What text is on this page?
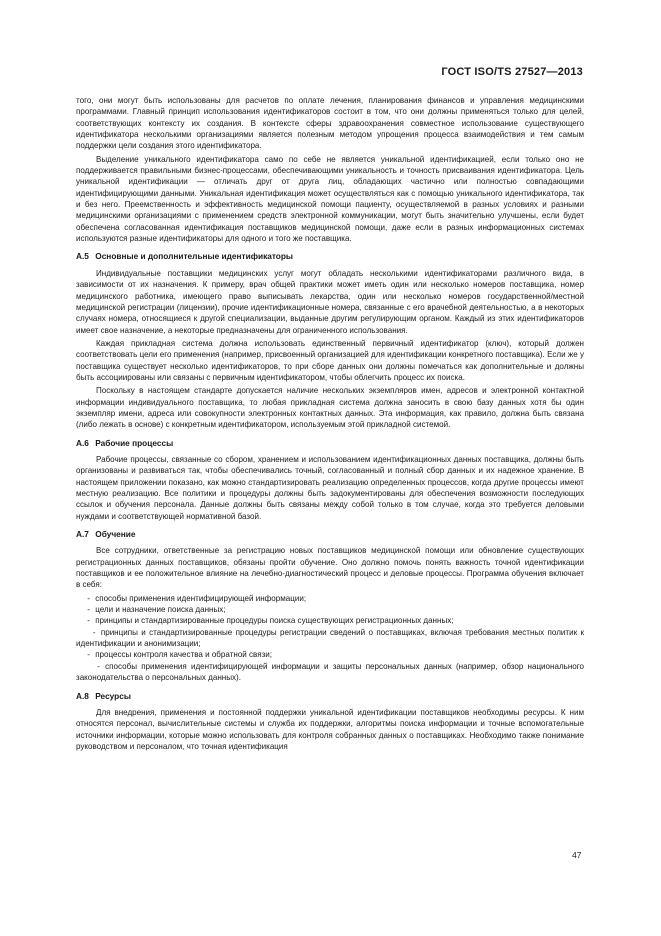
ГОСТ ISO/TS 27527—2013

того, они могут быть использованы для расчетов по оплате лечения, планирования финансов и управления медицинскими программами. Главный принцип использования идентификаторов состоит в том, что они должны применяться только для целей, соответствующих контексту их создания. В контексте сферы здравоохранения совместное использование существующего идентификатора несколькими организациями является полезным методом упрощения процесса взаимодействия и тем самым поддержки цели создания этого идентификатора.

Выделение уникального идентификатора само по себе не является уникальной идентификацией, если только оно не поддерживается правильными бизнес-процессами, обеспечивающими уникальность и точность присваивания идентификатора. Цель уникальной идентификации — отличать друг от друга лиц, обладающих частично или полностью совпадающими идентифицирующими данными. Уникальная идентификация может осуществляться как с помощью уникального идентификатора, так и без него. Преемственность и эффективность медицинской помощи пациенту, осуществляемой в разных условиях и разными медицинскими организациями с применением средств электронной коммуникации, могут быть значительно улучшены, если будет обеспечена согласованная идентификация поставщиков медицинской помощи, даже если в разных информационных системах используются разные идентификаторы для одного и того же поставщика.

А.5 Основные и дополнительные идентификаторы

Индивидуальные поставщики медицинских услуг могут обладать несколькими идентификаторами различного вида, в зависимости от их назначения. К примеру, врач общей практики может иметь один или несколько номеров поставщика, номер медицинского работника, имеющего право выписывать лекарства, один или несколько номеров государственной/местной медицинской регистрации (лицензии), прочие идентификационные номера, связанные с его врачебной деятельностью, а в некоторых случаях номера, относящиеся к другой специализации, выданные другим регулирующим органом. Каждый из этих идентификаторов имеет свое назначение, а некоторые предназначены для ограниченного использования.

Каждая прикладная система должна использовать единственный первичный идентификатор (ключ), который должен соответствовать цели его применения (например, присвоенный организацией для идентификации конкретного поставщика). Если же у поставщика существует несколько идентификаторов, то при сборе данных они должны помечаться как дополнительные и должны быть ассоциированы или связаны с первичным идентификатором, чтобы облегчить процесс их поиска.

Поскольку в настоящем стандарте допускается наличие нескольких экземпляров имен, адресов и электронной контактной информации индивидуального поставщика, то любая прикладная система должна заносить в свою базу данных хотя бы один экземпляр имени, адреса или совокупности электронных контактных данных. Эта информация, как правило, должна быть связана (либо лежать в основе) с конкретным идентификатором, используемым этой прикладной системой.

А.6 Рабочие процессы

Рабочие процессы, связанные со сбором, хранением и использованием идентификационных данных поставщика, должны быть организованы и развиваться так, чтобы обеспечивались точный, согласованный и полный сбор данных и их надежное хранение. В настоящем приложении показано, как можно стандартизировать реализацию определенных процессов, когда другие процессы имеют местную реализацию. Все политики и процедуры должны быть задокументированы для обеспечения возможности последующих ссылок и обучения персонала. Данные должны быть связаны между собой только в том случае, когда это требуется деловыми нуждами и соответствующей нормативной базой.

А.7 Обучение

Все сотрудники, ответственные за регистрацию новых поставщиков медицинской помощи или обновление существующих регистрационных данных поставщиков, обязаны пройти обучение. Оно должно помочь понять важность точной идентификации поставщиков и ее положительное влияние на лечебно-диагностический процесс и деловые процессы. Программа обучения включает в себя:

- способы применения идентифицирующей информации;
- цели и назначение поиска данных;
- принципы и стандартизированные процедуры поиска существующих регистрационных данных;
- принципы и стандартизированные процедуры регистрации сведений о поставщиках, включая требования местных политик к идентификации и анонимизации;
- процессы контроля качества и обратной связи;
- способы применения идентифицирующей информации и защиты персональных данных (например, обзор национального законодательства о персональных данных).
А.8 Ресурсы

Для внедрения, применения и постоянной поддержки уникальной идентификации поставщиков необходимы ресурсы. К ним относятся персонал, вычислительные системы и служба их поддержки, алгоритмы поиска информации и точные вспомогательные источники информации, которые можно использовать для контроля собранных данных о поставщиках. Необходимо также понимание руководством и персоналом, что точная идентификация

47
